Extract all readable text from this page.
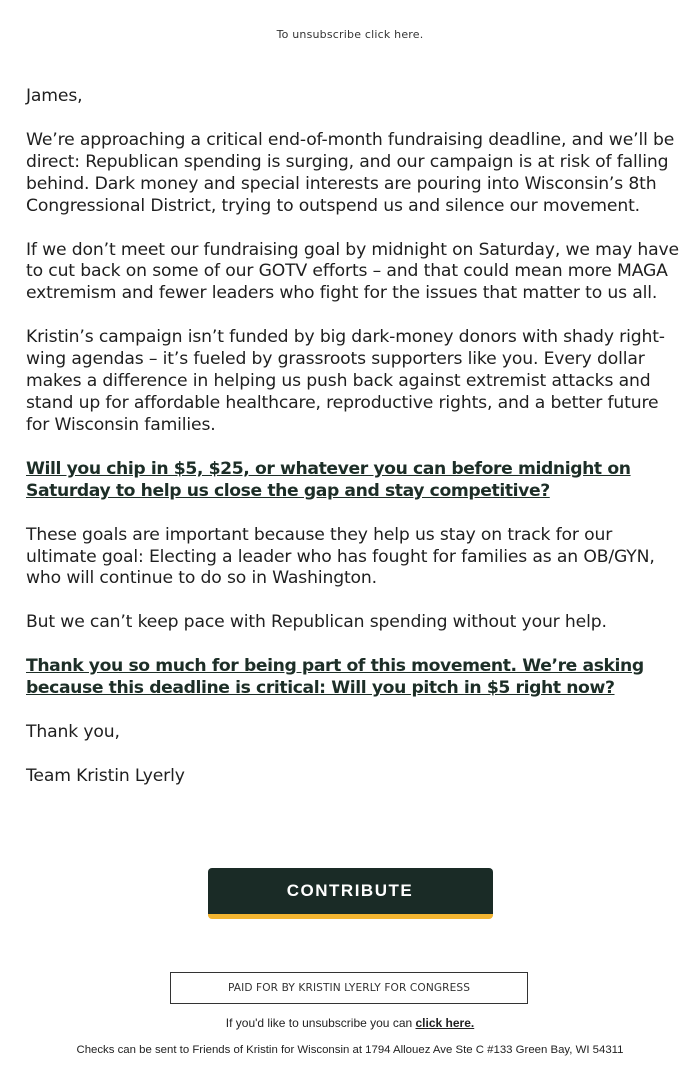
To unsubscribe click here.

James,

We’re approaching a critical end-of-month fundraising deadline, and we’ll be direct: Republican spending is surging, and our campaign is at risk of falling behind. Dark money and special interests are pouring into Wisconsin’s 8th Congressional District, trying to outspend us and silence our movement.

If we don’t meet our fundraising goal by midnight on Saturday, we may have to cut back on some of our GOTV efforts – and that could mean more MAGA extremism and fewer leaders who fight for the issues that matter to us all.

Kristin’s campaign isn’t funded by big dark-money donors with shady right-wing agendas – it’s fueled by grassroots supporters like you. Every dollar makes a difference in helping us push back against extremist attacks and stand up for affordable healthcare, reproductive rights, and a better future for Wisconsin families.

Will you chip in $5, $25, or whatever you can before midnight on Saturday to help us close the gap and stay competitive?

These goals are important because they help us stay on track for our ultimate goal: Electing a leader who has fought for families as an OB/GYN, who will continue to do so in Washington.

But we can’t keep pace with Republican spending without your help.

Thank you so much for being part of this movement. We’re asking because this deadline is critical: Will you pitch in $5 right now?

Thank you,

Team Kristin Lyerly

CONTRIBUTE
PAID FOR BY KRISTIN LYERLY FOR CONGRESS
If you'd like to unsubscribe you can click here.
Checks can be sent to Friends of Kristin for Wisconsin at 1794 Allouez Ave Ste C #133 Green Bay, WI 54311
